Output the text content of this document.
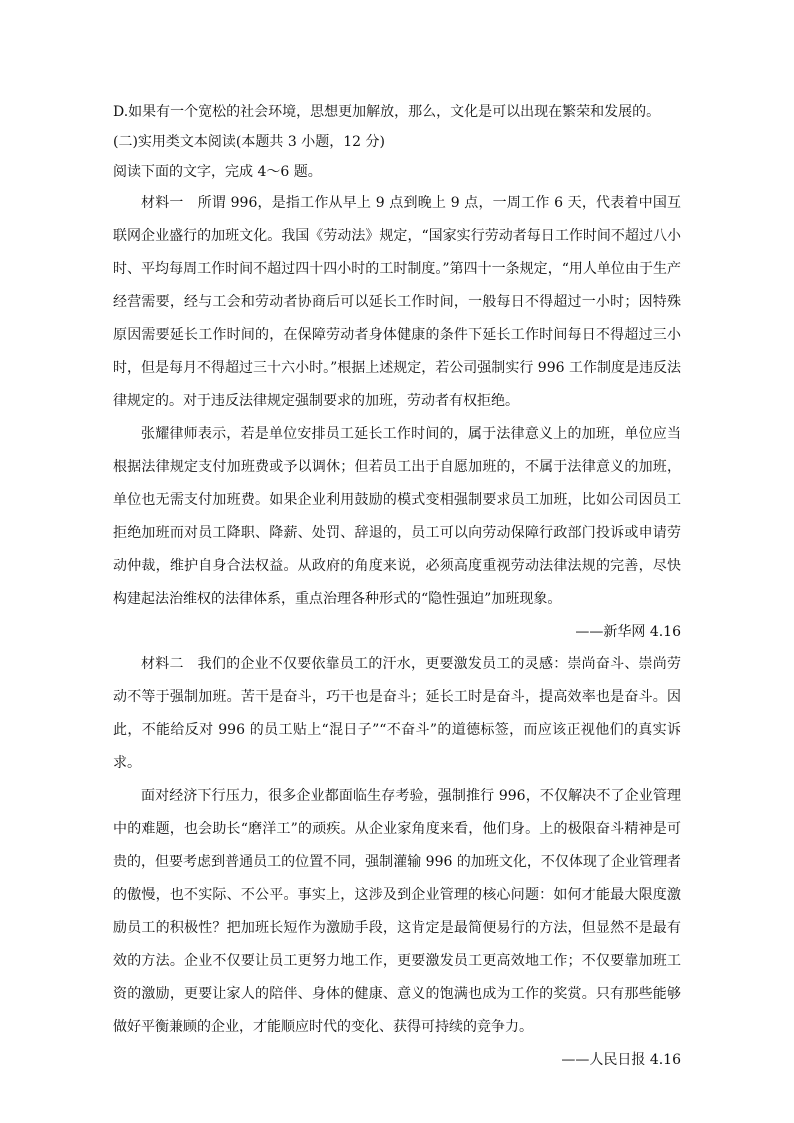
D.如果有一个宽松的社会环境，思想更加解放，那么，文化是可以出现在繁荣和发展的。

(二)实用类文本阅读(本题共 3 小题，12 分)

阅读下面的文字，完成 4～6 题。

材料一 所谓 996，是指工作从早上 9 点到晚上 9 点，一周工作 6 天，代表着中国互联网企业盛行的加班文化。我国《劳动法》规定，“国家实行劳动者每日工作时间不超过八小时、平均每周工作时间不超过四十四小时的工时制度。”第四十一条规定，“用人单位由于生产经营需要，经与工会和劳动者协商后可以延长工作时间，一般每日不得超过一小时；因特殊原因需要延长工作时间的，在保障劳动者身体健康的条件下延长工作时间每日不得超过三小时，但是每月不得超过三十六小时。”根据上述规定，若公司强制实行 996 工作制度是违反法律规定的。对于违反法律规定强制要求的加班，劳动者有权拒绝。

张耀律师表示，若是单位安排员工延长工作时间的，属于法律意义上的加班，单位应当根据法律规定支付加班费或予以调休；但若员工出于自愿加班的，不属于法律意义的加班，单位也无需支付加班费。如果企业利用鼓励的模式变相强制要求员工加班，比如公司因员工拒绝加班而对员工降职、降薪、处罚、辞退的，员工可以向劳动保障行政部门投诉或申请劳动仲裁，维护自身合法权益。从政府的角度来说，必须高度重视劳动法律法规的完善，尽快构建起法治维权的法律体系，重点治理各种形式的“隐性强迫”加班现象。

——新华网 4.16

材料二 我们的企业不仅要依靠员工的汗水，更要激发员工的灵感：崇尚奋斗、崇尚劳动不等于强制加班。苦干是奋斗，巧干也是奋斗；延长工时是奋斗，提高效率也是奋斗。因此，不能给反对 996 的员工贴上“混日子”“不奋斗”的道德标签，而应该正视他们的真实诉求。

面对经济下行压力，很多企业都面临生存考验，强制推行 996，不仅解决不了企业管理中的难题，也会助长“磨洋工”的顽疾。从企业家角度来看，他们身。上的极限奋斗精神是可贵的，但要考虑到普通员工的位置不同，强制灌输 996 的加班文化，不仅体现了企业管理者的傲慢，也不实际、不公平。事实上，这涉及到企业管理的核心问题：如何才能最大限度激励员工的积极性？把加班长短作为激励手段，这肯定是最简便易行的方法，但显然不是最有效的方法。企业不仅要让员工更努力地工作，更要激发员工更高效地工作；不仅要靠加班工资的激励，更要让家人的陪伴、身体的健康、意义的饱满也成为工作的奖赏。只有那些能够做好平衡兼顾的企业，才能顺应时代的变化、获得可持续的竞争力。

——人民日报 4.16
